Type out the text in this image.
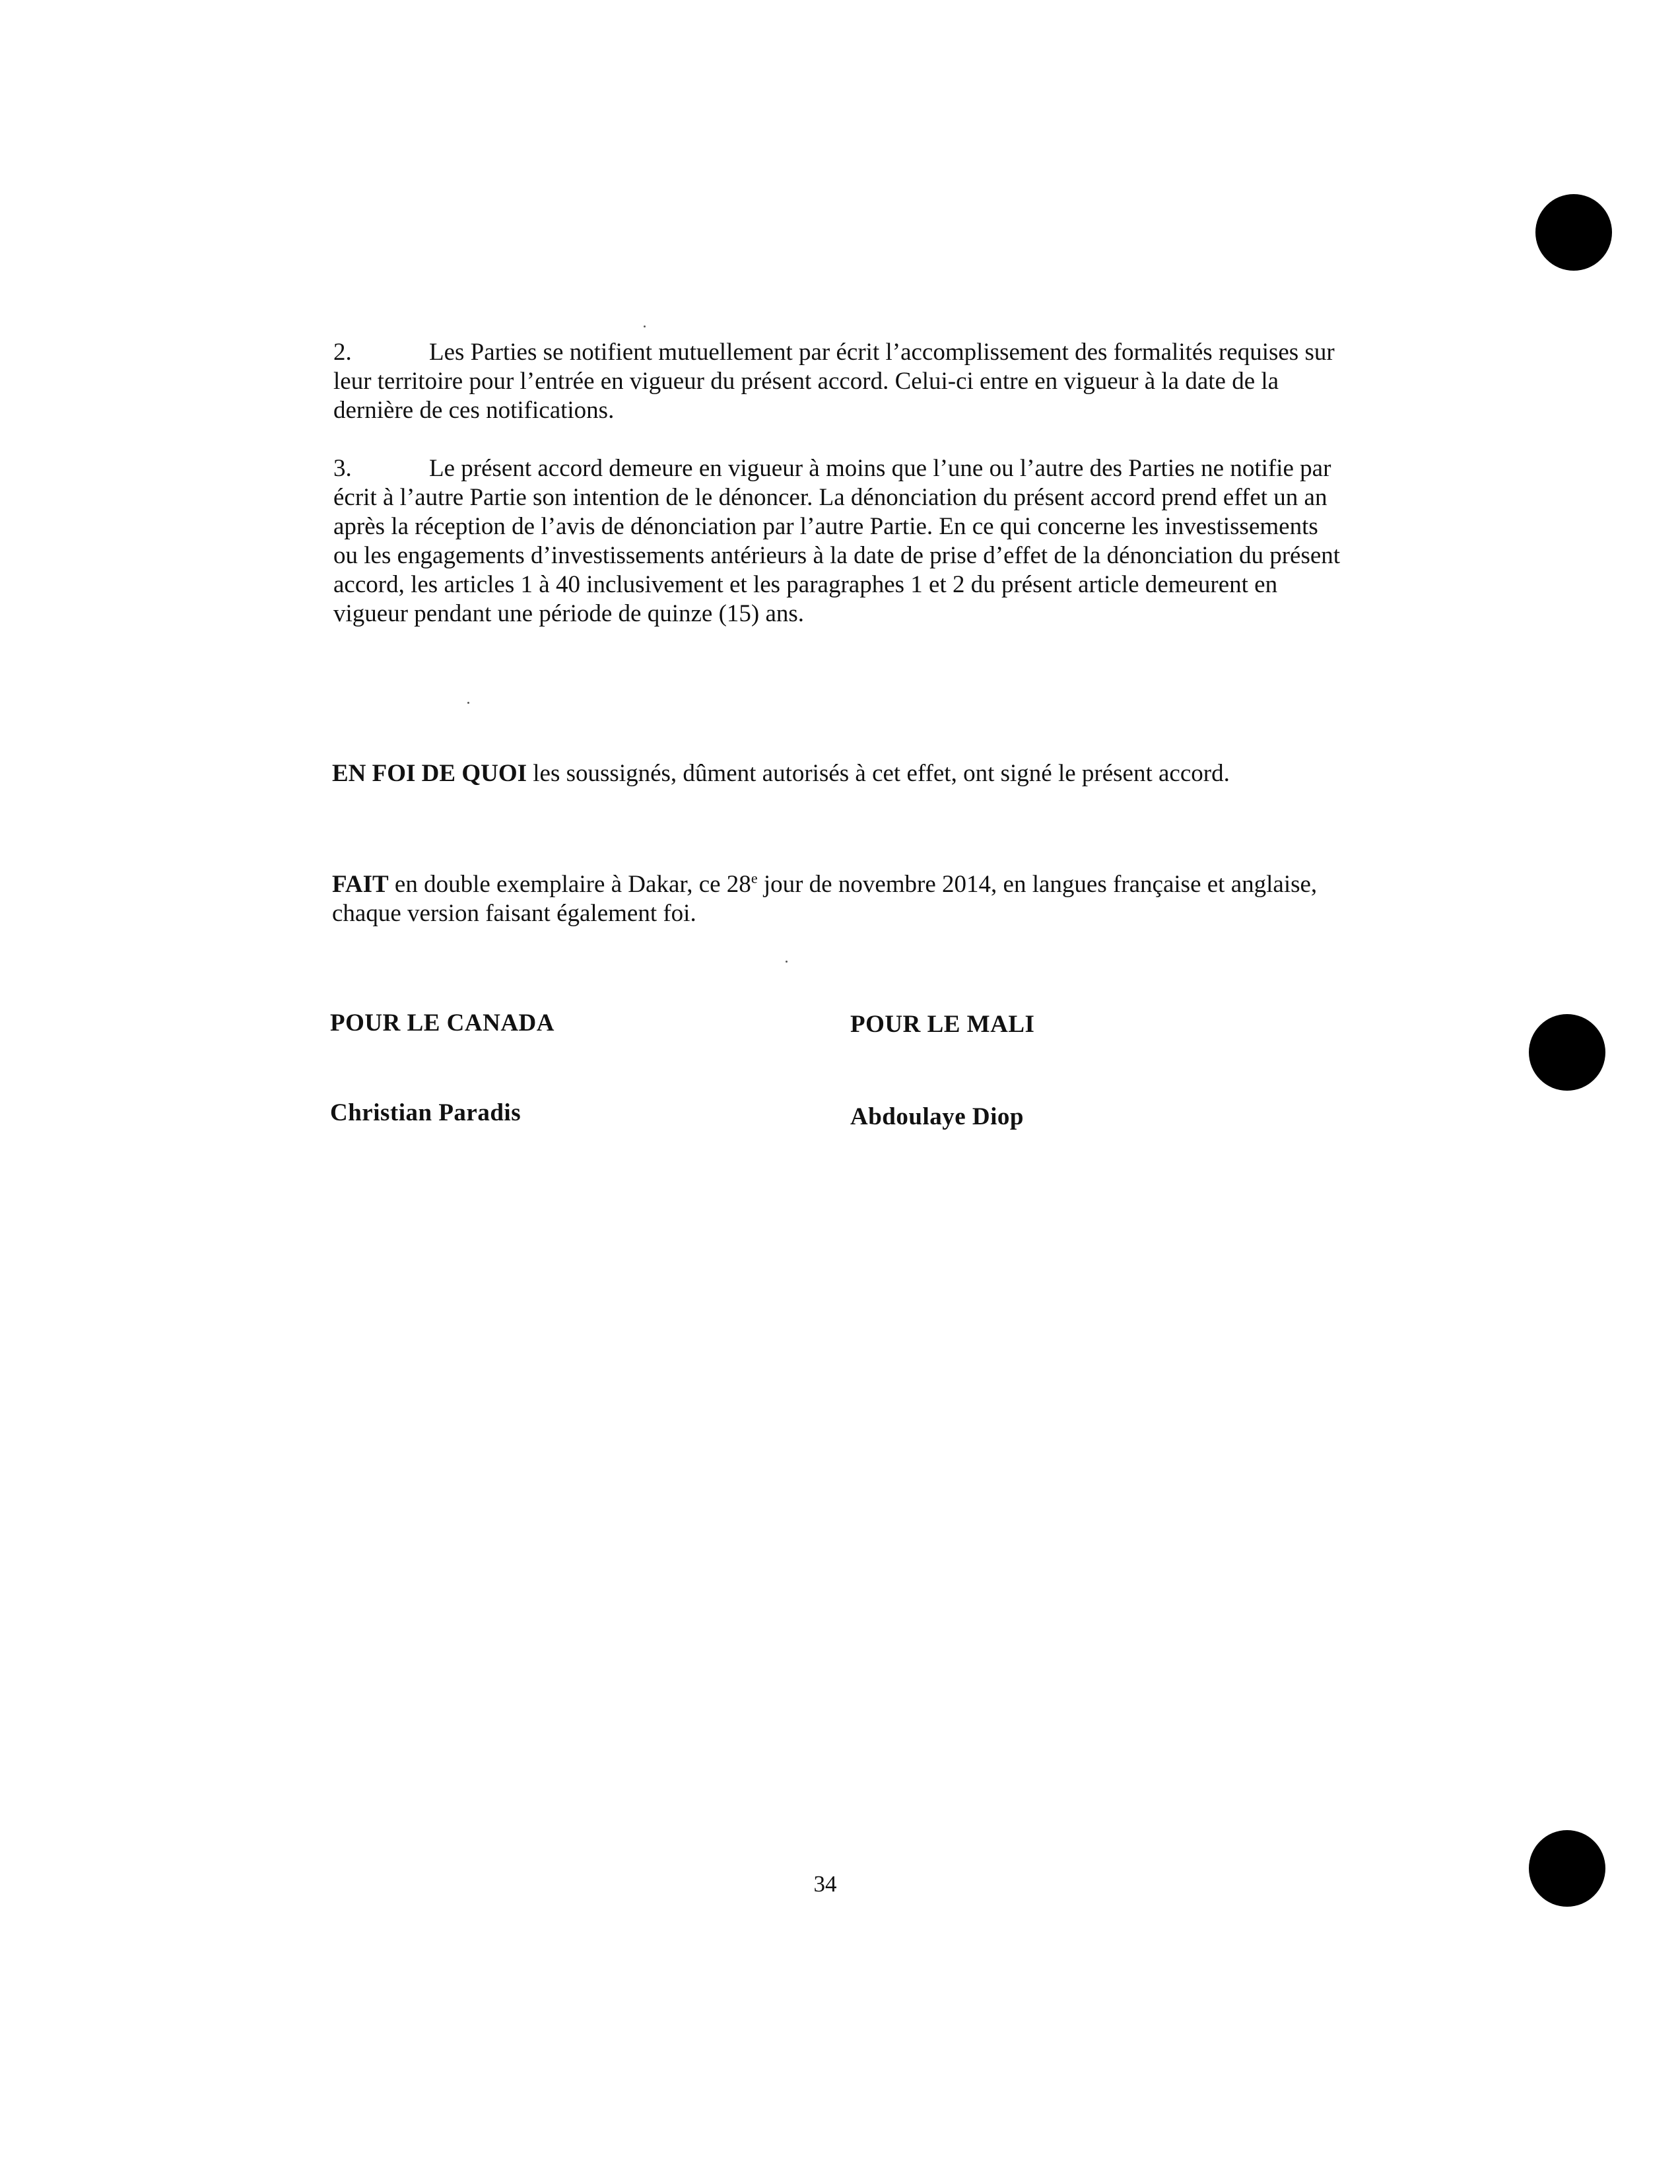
2.	Les Parties se notifient mutuellement par écrit l’accomplissement des formalités requises sur leur territoire pour l’entrée en vigueur du présent accord. Celui-ci entre en vigueur à la date de la dernière de ces notifications.

3.	Le présent accord demeure en vigueur à moins que l’une ou l’autre des Parties ne notifie par écrit à l’autre Partie son intention de le dénoncer. La dénonciation du présent accord prend effet un an après la réception de l’avis de dénonciation par l’autre Partie. En ce qui concerne les investissements ou les engagements d’investissements antérieurs à la date de prise d’effet de la dénonciation du présent accord, les articles 1 à 40 inclusivement et les paragraphes 1 et 2 du présent article demeurent en vigueur pendant une période de quinze (15) ans.

EN FOI DE QUOI les soussignés, dûment autorisés à cet effet, ont signé le présent accord.

FAIT en double exemplaire à Dakar, ce 28e jour de novembre 2014, en langues française et anglaise, chaque version faisant également foi.

POUR LE CANADA	POUR LE MALI

Christian Paradis	Abdoulaye Diop

34
